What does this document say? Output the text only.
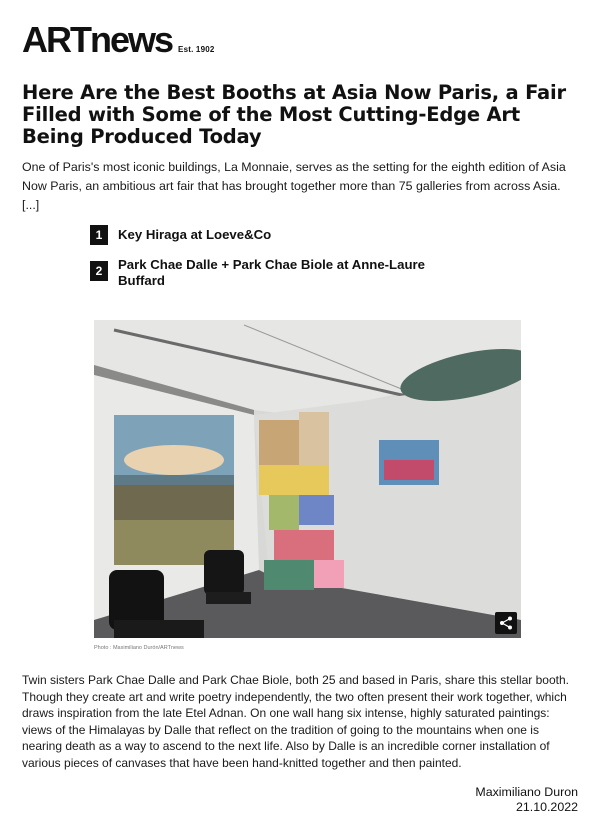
ARTnews Est. 1902
Here Are the Best Booths at Asia Now Paris, a Fair Filled with Some of the Most Cutting-Edge Art Being Produced Today

One of Paris's most iconic buildings, La Monnaie, serves as the setting for the eighth edition of Asia Now Paris, an ambitious art fair that has brought together more than 75 galleries from across Asia.
[...]

1	Key Hiraga at Loeve&Co
2	Park Chae Dalle + Park Chae Biole at Anne-Laure Buffard
Photo : Maximiliano Durón/ARTnews

Twin sisters Park Chae Dalle and Park Chae Biole, both 25 and based in Paris, share this stellar booth. Though they create art and write poetry independently, the two often present their work together, which draws inspiration from the late Etel Adnan. On one wall hang six intense, highly saturated paintings: views of the Himalayas by Dalle that reflect on the tradition of going to the mountains when one is nearing death as a way to ascend to the next life. Also by Dalle is an incredible corner installation of various pieces of canvases that have been hand-knitted together and then painted.

Maximiliano Duron
21.10.2022
